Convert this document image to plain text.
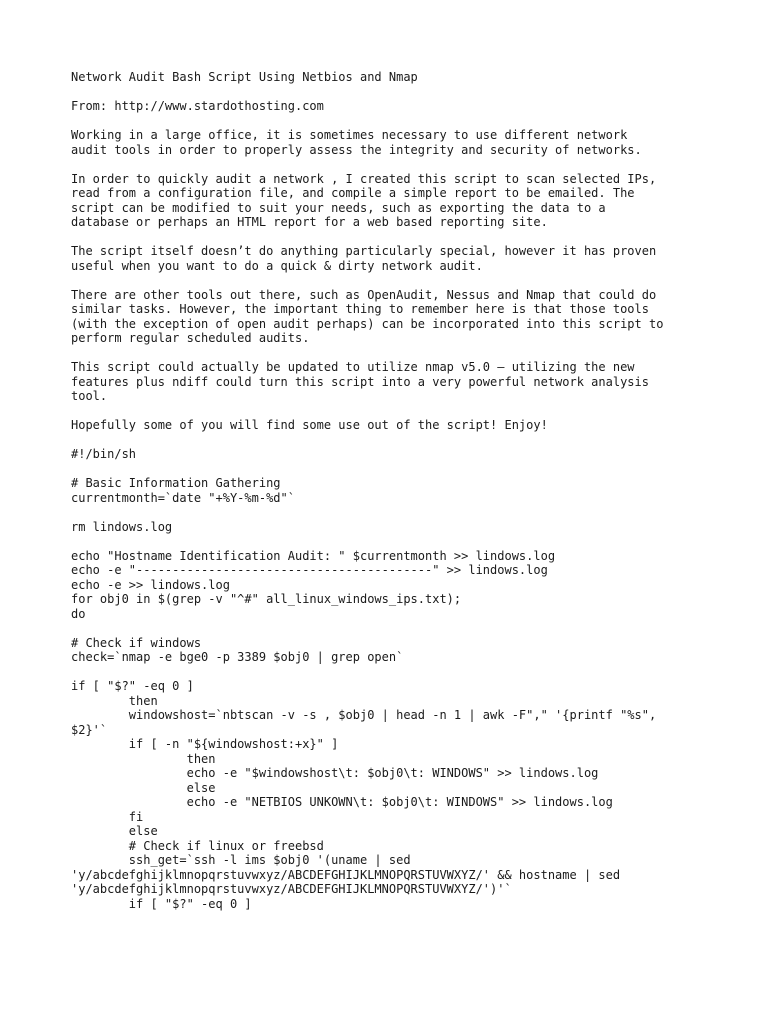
Network Audit Bash Script Using Netbios and Nmap
From: http://www.stardothosting.com
Working in a large office, it is sometimes necessary to use different network
audit tools in order to properly assess the integrity and security of networks.
In order to quickly audit a network , I created this script to scan selected IPs,
read from a configuration file, and compile a simple report to be emailed. The
script can be modified to suit your needs, such as exporting the data to a
database or perhaps an HTML report for a web based reporting site.
The script itself doesn’t do anything particularly special, however it has proven
useful when you want to do a quick & dirty network audit.
There are other tools out there, such as OpenAudit, Nessus and Nmap that could do
similar tasks. However, the important thing to remember here is that those tools
(with the exception of open audit perhaps) can be incorporated into this script to
perform regular scheduled audits.
This script could actually be updated to utilize nmap v5.0 – utilizing the new
features plus ndiff could turn this script into a very powerful network analysis
tool.
Hopefully some of you will find some use out of the script! Enjoy!
#!/bin/sh
# Basic Information Gathering
currentmonth=`date "+%Y-%m-%d"`
rm lindows.log
echo "Hostname Identification Audit: " $currentmonth >> lindows.log
echo -e "-----------------------------------------" >> lindows.log
echo -e >> lindows.log
for obj0 in $(grep -v "^#" all_linux_windows_ips.txt);
do
# Check if windows
check=`nmap -e bge0 -p 3389 $obj0 | grep open`
if [ "$?" -eq 0 ]
then
windowshost=`nbtscan -v -s , $obj0 | head -n 1 | awk -F"," '{printf "%s",
$2}'`
if [ -n "${windowshost:+x}" ]
then
echo -e "$windowshost\t: $obj0\t: WINDOWS" >> lindows.log
else
echo -e "NETBIOS UNKOWN\t: $obj0\t: WINDOWS" >> lindows.log
fi
else
# Check if linux or freebsd
ssh_get=`ssh -l ims $obj0 '(uname | sed
'y/abcdefghijklmnopqrstuvwxyz/ABCDEFGHIJKLMNOPQRSTUVWXYZ/' && hostname | sed
'y/abcdefghijklmnopqrstuvwxyz/ABCDEFGHIJKLMNOPQRSTUVWXYZ/')'`
if [ "$?" -eq 0 ]
